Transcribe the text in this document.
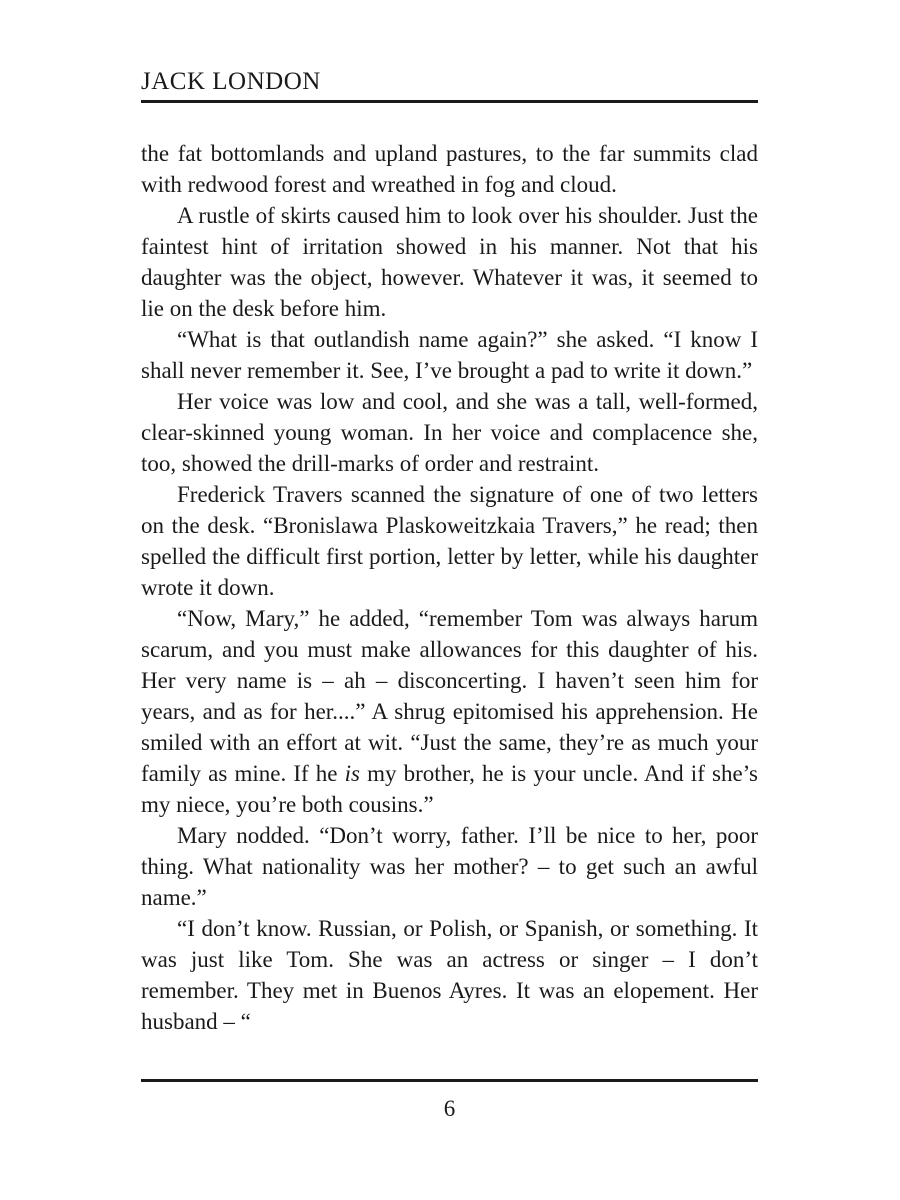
JACK LONDON

the fat bottomlands and upland pastures, to the far summits clad with redwood forest and wreathed in fog and cloud.

A rustle of skirts caused him to look over his shoulder. Just the faintest hint of irritation showed in his manner. Not that his daughter was the object, however. Whatever it was, it seemed to lie on the desk before him.

“What is that outlandish name again?” she asked. “I know I shall never remember it. See, I’ve brought a pad to write it down.”

Her voice was low and cool, and she was a tall, well-formed, clear-skinned young woman. In her voice and complacence she, too, showed the drill-marks of order and restraint.

Frederick Travers scanned the signature of one of two letters on the desk. “Bronislawa Plaskoweitzkaia Travers,” he read; then spelled the difficult first portion, letter by letter, while his daughter wrote it down.

“Now, Mary,” he added, “remember Tom was always harum scarum, and you must make allowances for this daughter of his. Her very name is – ah – disconcerting. I haven’t seen him for years, and as for her....” A shrug epitomised his apprehension. He smiled with an effort at wit. “Just the same, they’re as much your family as mine. If he is my brother, he is your uncle. And if she’s my niece, you’re both cousins.”

Mary nodded. “Don’t worry, father. I’ll be nice to her, poor thing. What nationality was her mother? – to get such an awful name.”

“I don’t know. Russian, or Polish, or Spanish, or something. It was just like Tom. She was an actress or singer – I don’t remember. They met in Buenos Ayres. It was an elopement. Her husband – “

6
